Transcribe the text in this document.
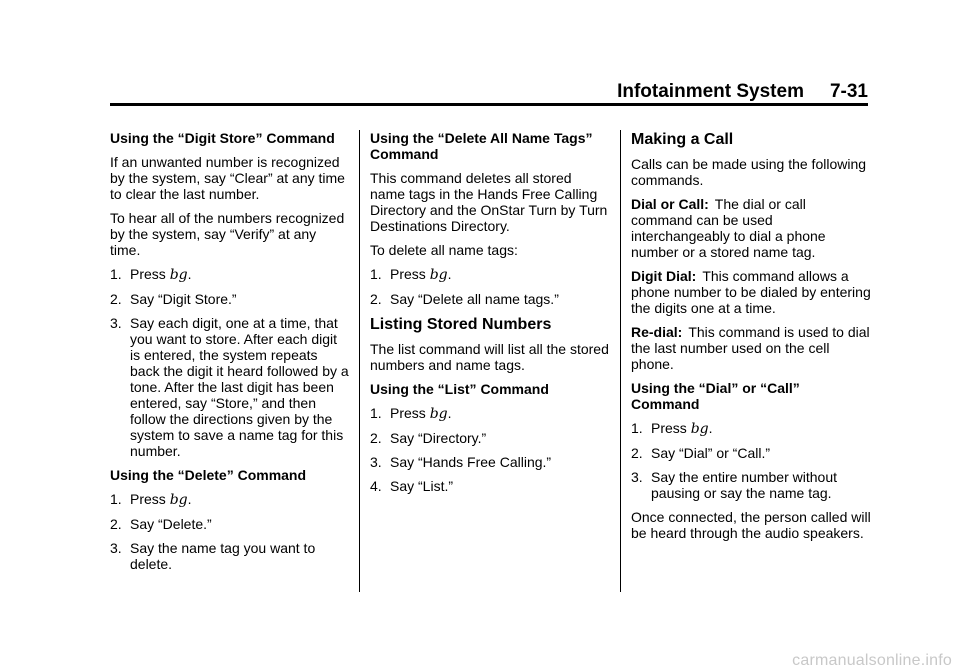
Infotainment System 7-31

Using the “Digit Store” Command

If an unwanted number is recognized by the system, say “Clear” at any time to clear the last number.

To hear all of the numbers recognized by the system, say “Verify” at any time.

1. Press bg.
2. Say “Digit Store.”
3. Say each digit, one at a time, that you want to store. After each digit is entered, the system repeats back the digit it heard followed by a tone. After the last digit has been entered, say “Store,” and then follow the directions given by the system to save a name tag for this number.

Using the “Delete” Command

1. Press bg.
2. Say “Delete.”
3. Say the name tag you want to delete.

Using the “Delete All Name Tags” Command

This command deletes all stored name tags in the Hands Free Calling Directory and the OnStar Turn by Turn Destinations Directory.

To delete all name tags:

1. Press bg.
2. Say “Delete all name tags.”
Listing Stored Numbers

The list command will list all the stored numbers and name tags.

Using the “List” Command

1. Press bg.
2. Say “Directory.”
3. Say “Hands Free Calling.”
4. Say “List.”
Making a Call

Calls can be made using the following commands.

Dial or Call: The dial or call command can be used interchangeably to dial a phone number or a stored name tag.

Digit Dial: This command allows a phone number to be dialed by entering the digits one at a time.

Re-dial: This command is used to dial the last number used on the cell phone.

Using the “Dial” or “Call” Command

1. Press bg.
2. Say “Dial” or “Call.”
3. Say the entire number without pausing or say the name tag.

Once connected, the person called will be heard through the audio speakers.

carmanualsonline.info
